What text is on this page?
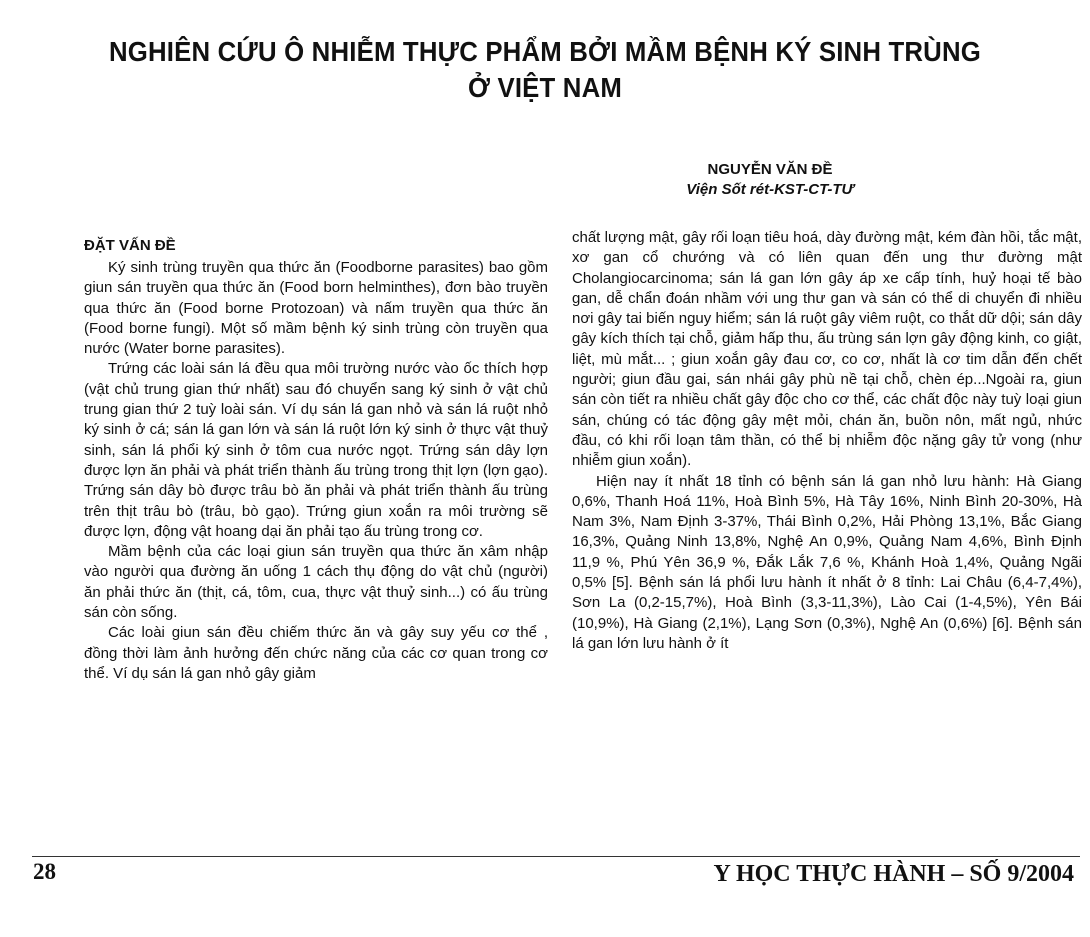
NGHIÊN CỨU Ô NHIỄM THỰC PHẨM BỞI MẦM BỆNH KÝ SINH TRÙNG
Ở VIỆT NAM
NGUYỄN VĂN ĐỀ
Viện Sốt rét-KST-CT-TƯ
ĐẶT VẤN ĐỀ

Ký sinh trùng truyền qua thức ăn (Foodborne parasites) bao gồm giun sán truyền qua thức ăn (Food born helminthes), đơn bào truyền qua thức ăn (Food borne Protozoan) và nấm truyền qua thức ăn (Food borne fungi). Một số mầm bệnh ký sinh trùng còn truyền qua nước (Water borne parasites).

Trứng các loài sán lá đều qua môi trường nước vào ốc thích hợp (vật chủ trung gian thứ nhất) sau đó chuyển sang ký sinh ở vật chủ trung gian thứ 2 tuỳ loài sán. Ví dụ sán lá gan nhỏ và sán lá ruột nhỏ ký sinh ở cá; sán lá gan lớn và sán lá ruột lớn ký sinh ở thực vật thuỷ sinh, sán lá phổi ký sinh ở tôm cua nước ngọt. Trứng sán dây lợn được lợn ăn phải và phát triển thành ấu trùng trong thịt lợn (lợn gạo). Trứng sán dây bò được trâu bò ăn phải và phát triển thành ấu trùng trên thịt trâu bò (trâu, bò gạo). Trứng giun xoắn ra môi trường sẽ được lợn, động vật hoang dại ăn phải tạo ấu trùng trong cơ.

Mầm bệnh của các loại giun sán truyền qua thức ăn xâm nhập vào người qua đường ăn uống 1 cách thụ động do vật chủ (người) ăn phải thức ăn (thịt, cá, tôm, cua, thực vật thuỷ sinh...) có ấu trùng sán còn sống.

Các loài giun sán đều chiếm thức ăn và gây suy yếu cơ thể , đồng thời làm ảnh hưởng đến chức năng của các cơ quan trong cơ thể. Ví dụ sán lá gan nhỏ gây giảm

chất lượng mật, gây rối loạn tiêu hoá, dày đường mật, kém đàn hồi, tắc mật, xơ gan cổ chướng và có liên quan đến ung thư đường mật Cholangiocarcinoma; sán lá gan lớn gây áp xe cấp tính, huỷ hoại tế bào gan, dễ chẩn đoán nhầm với ung thư gan và sán có thể di chuyển đi nhiều nơi gây tai biến nguy hiểm; sán lá ruột gây viêm ruột, co thắt dữ dội; sán dây gây kích thích tại chỗ, giảm hấp thu, ấu trùng sán lợn gây động kinh, co giật, liệt, mù mắt... ; giun xoắn gây đau cơ, co cơ, nhất là cơ tim dẫn đến chết người; giun đầu gai, sán nhái gây phù nề tại chỗ, chèn ép...Ngoài ra, giun sán còn tiết ra nhiều chất gây độc cho cơ thể, các chất độc này tuỳ loại giun sán, chúng có tác động gây mệt mỏi, chán ăn, buồn nôn, mất ngủ, nhức đầu, có khi rối loạn tâm thần, có thể bị nhiễm độc nặng gây tử vong (như nhiễm giun xoắn).

Hiện nay ít nhất 18 tỉnh có bệnh sán lá gan nhỏ lưu hành: Hà Giang 0,6%, Thanh Hoá 11%, Hoà Bình 5%, Hà Tây 16%, Ninh Bình 20-30%, Hà Nam 3%, Nam Định 3-37%, Thái Bình 0,2%, Hải Phòng 13,1%, Bắc Giang 16,3%, Quảng Ninh 13,8%, Nghệ An 0,9%, Quảng Nam 4,6%, Bình Định 11,9 %, Phú Yên 36,9 %, Đắk Lắk 7,6 %, Khánh Hoà 1,4%, Quảng Ngãi 0,5% [5]. Bệnh sán lá phổi lưu hành ít nhất ở 8 tỉnh: Lai Châu (6,4-7,4%), Sơn La (0,2-15,7%), Hoà Bình (3,3-11,3%), Lào Cai (1-4,5%), Yên Bái (10,9%), Hà Giang (2,1%), Lạng Sơn (0,3%), Nghệ An (0,6%) [6]. Bệnh sán lá gan lớn lưu hành ở ít

28	Y HỌC THỰC HÀNH – SỐ 9/2004
